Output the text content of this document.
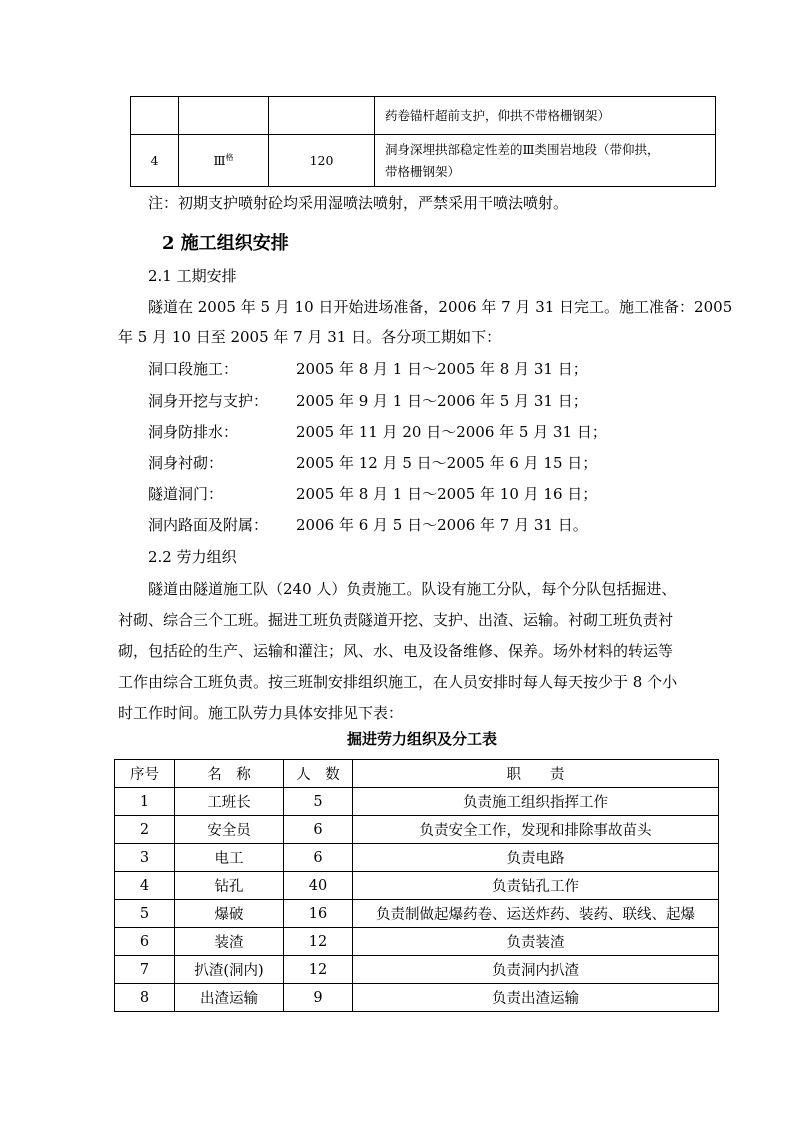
			药卷锚杆超前支护，仰拱不带格栅钢架）
4	Ⅲ$^格$	120	洞身深埋拱部稳定性差的Ⅲ类围岩地段（带仰拱，
带格栅钢架）
注：初期支护喷射砼均采用湿喷法喷射，严禁采用干喷法喷射。
2 施工组织安排
2.1 工期安排
隧道在 2005 年 5 月 10 日开始进场准备，2006 年 7 月 31 日完工。施工准备：2005
年 5 月 10 日至 2005 年 7 月 31 日。各分项工期如下：
洞口段施工：	2005 年 8 月 1 日～2005 年 8 月 31 日；
洞身开挖与支护： 2005 年 9 月 1 日～2006 年 5 月 31 日；
洞身防排水：	2005 年 11 月 20 日～2006 年 5 月 31 日；
洞身衬砌：	2005 年 12 月 5 日～2005 年 6 月 15 日；
隧道洞门：	2005 年 8 月 1 日～2005 年 10 月 16 日；
洞内路面及附属： 2006 年 6 月 5 日～2006 年 7 月 31 日。
2.2 劳力组织
隧道由隧道施工队（240 人）负责施工。队设有施工分队，每个分队包括掘进、
衬砌、综合三个工班。掘进工班负责隧道开挖、支护、出渣、运输。衬砌工班负责衬
砌，包括砼的生产、运输和灌注；风、水、电及设备维修、保养。场外材料的转运等
工作由综合工班负责。按三班制安排组织施工，在人员安排时每人每天按少于 8 个小
时工作时间。施工队劳力具体安排见下表：
掘进劳力组织及分工表
序号	名　称	人　数	职　　责
1	工班长	5	负责施工组织指挥工作
2	安全员	6	负责安全工作，发现和排除事故苗头
3	电工	6	负责电路
4	钻孔	40	负责钻孔工作
5	爆破	16	负责制做起爆药卷、运送炸药、装药、联线、起爆
6	装渣	12	负责装渣
7	扒渣(洞内)	12	负责洞内扒渣
8	出渣运输	9	负责出渣运输
